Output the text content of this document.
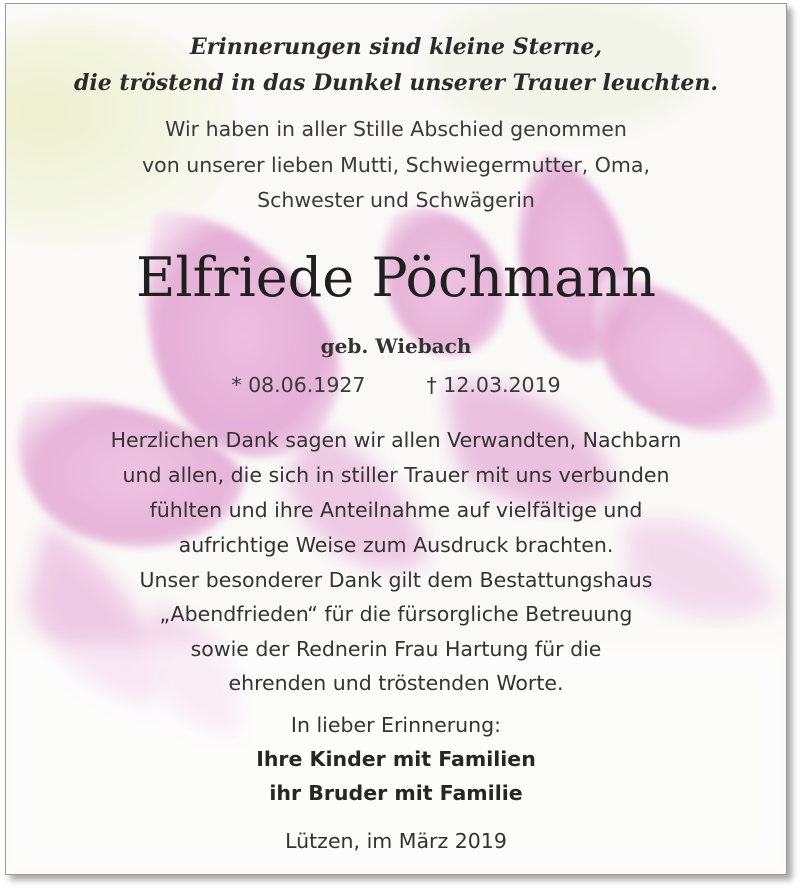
Erinnerungen sind kleine Sterne,
die tröstend in das Dunkel unserer Trauer leuchten.
Wir haben in aller Stille Abschied genommen
von unserer lieben Mutti, Schwiegermutter, Oma,
Schwester und Schwägerin
Elfriede Pöchmann
geb. Wiebach
* 08.06.1927	† 12.03.2019
Herzlichen Dank sagen wir allen Verwandten, Nachbarn
und allen, die sich in stiller Trauer mit uns verbunden
fühlten und ihre Anteilnahme auf vielfältige und
aufrichtige Weise zum Ausdruck brachten.
Unser besonderer Dank gilt dem Bestattungshaus
„Abendfrieden“ für die fürsorgliche Betreuung
sowie der Rednerin Frau Hartung für die
ehrenden und tröstenden Worte.
In lieber Erinnerung:
Ihre Kinder mit Familien
ihr Bruder mit Familie
Lützen, im März 2019
